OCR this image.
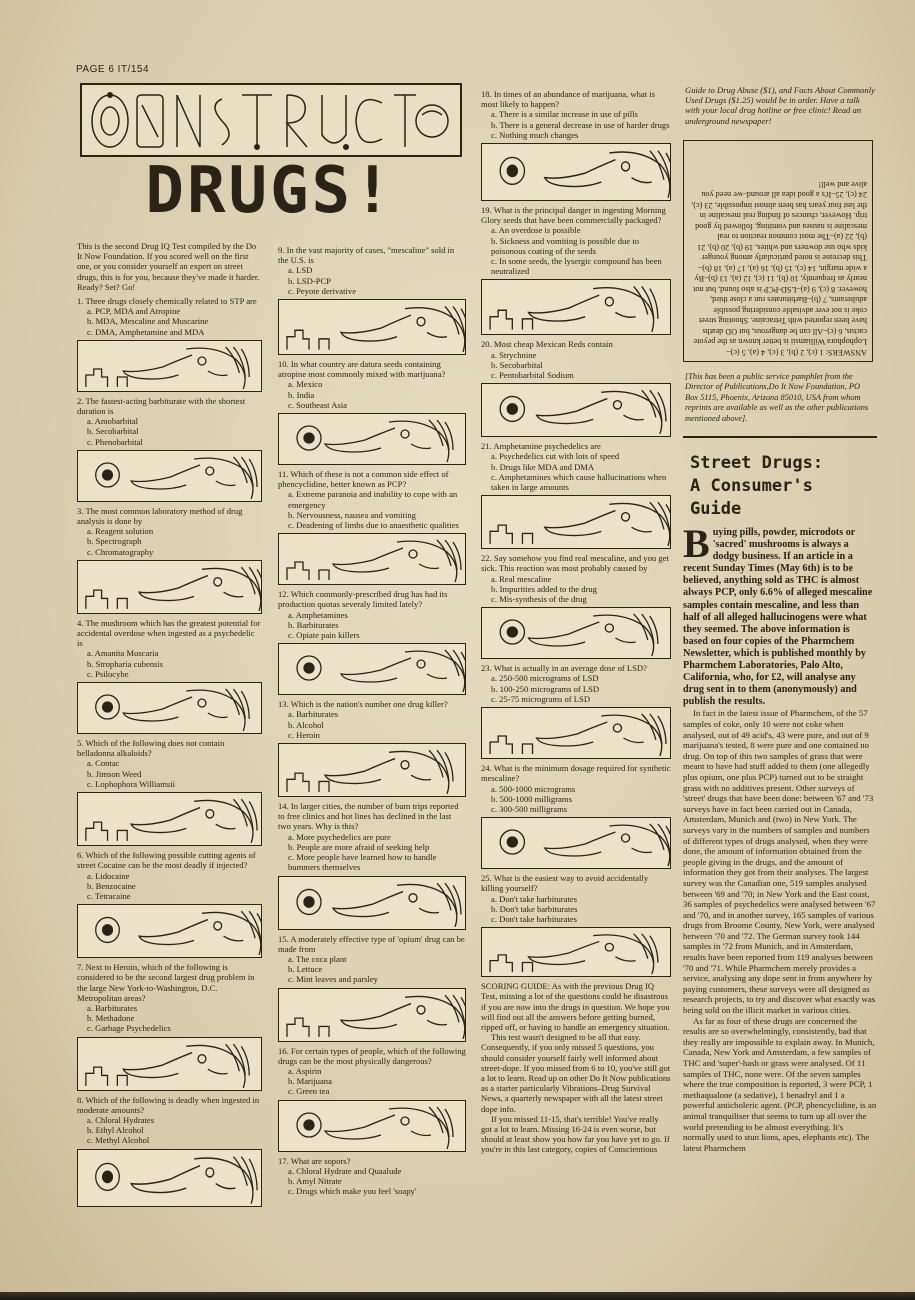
PAGE 6 IT/154
DRUGS!

This is the second Drug IQ Test compiled by the Do It Now Foundation. If you scored well on the first one, or you consider yourself an expert on street drugs, this is for you, because they've made it harder. Ready? Set? Go!

1. Three drugs closely chemically related to STP are

a. PCP, MDA and Atropine

b. MDA, Mescaline and Muscarine

c. DMA, Amphetamine and MDA

2. The fastest-acting barbiturate with the shortest duration is

a. Amobarbital

b. Secobarbital

c. Phenobarbital

3. The most common laboratory method of drug analysis is done by

a. Reagent solution

b. Spectrograph

c. Chromatography

4. The mushroom which has the greatest potential for accidental overdose when ingested as a psychedelic is

a. Amanita Muscaria

b. Stropharia cubensis

c. Psilocybe

5. Which of the following does not contain belladonna alkaloids?

a. Contac

b. Jimson Weed

c. Lophophora Williamsii

6. Which of the following possible cutting agents of street Cocaine can be the most deadly if injected?

a. Lidocaine

b. Benzocaine

c. Tetracaine

7. Next to Heroin, which of the following is considered to be the second largest drug problem in the large New York-to-Washington, D.C. Metropolitan areas?

a. Barbiturates

b. Methadone

c. Garbage Psychedelics

8. Which of the following is deadly when ingested in moderate amounts?

a. Chloral Hydrates

b. Ethyl Alcohol

c. Methyl Alcohol

9. In the vast majority of cases, "mescaline" sold in the U.S. is

a. LSD

b. LSD-PCP

c. Peyote derivative

10. In what country are datura seeds containing atropine most commonly mixed with marijuana?

a. Mexico

b. India

c. Southeast Asia

11. Which of these is not a common side effect of phencyclidine, better known as PCP?

a. Extreme paranoia and inability to cope with an emergency

b. Nervousness, nausea and vomiting

c. Deadening of limbs due to anaesthetic qualities

12. Which commonly-prescribed drug has had its production quotas severaly limited lately?

a. Amphetamines

b. Barbiturates

c. Opiate pain killers

13. Which is the nation's number one drug killer?

a. Barbiturates

b. Alcohol

c. Heroin

14. In larger cities, the number of bum trips reported to free clinics and hot lines has declined in the last two years. Why is this?

a. More psychedelics are pure

b. People are more afraid of seeking help

c. More people have learned how to handle bummers themselves

15. A moderately effective type of 'opium' drug can be made from

a. The coca plant

b. Lettuce

c. Mint leaves and parsley

16. For certain types of people, which of the following drugs can be the most physically dangerous?

a. Aspirin

b. Marijuana

c. Green tea

17. What are sopors?

a. Chloral Hydrate and Quaalude

b. Amyl Nitrate

c. Drugs which make you feel 'soapy'

18. In times of an abundance of marijuana, what is most likely to happen?

a. There is a similar increase in use of pills

b. There is a general decrease in use of harder drugs

c. Nothing much changes

19. What is the principal danger in ingesting Morning Glory seeds that have been commercially packaged?

a. An overdose is possible

b. Sickness and vomiting is possible due to poisonous coating of the seeds

c. In some seeds, the lysergic compound has been neutralized

20. Most cheap Mexican Reds contain

a. Strychnine

b. Secobarbital

c. Pentobarbital Sodium

21. Amphetamine psychedelics are

a. Psychedelics cut with lots of speed

b. Drugs like MDA and DMA

c. Amphetamines which cause hallucinations when taken in large amounts

22. Say somehow you find real mescaline, and you get sick. This reaction was most probably caused by

a. Real mescaline

b. Impurities added to the drug

c. Mis-synthesis of the drug

23. What is actually in an average dose of LSD?

a. 250-500 micrograms of LSD

b. 100-250 micrograms of LSD

c. 25-75 micrograms of LSD

24. What is the minimum dosage required for synthetic mescaline?

a. 500-1000 micrograms

b. 500-1000 milligrams

c. 300-500 milligrams

25. What is the easiest way to avoid accidentally killing yourself?

a. Don't take barbiturates

b. Don't take barbiturates

c. Don't take barbiturates

SCORING GUIDE: As with the previous Drug IQ Test, missing a lot of the questions could be disastrous if you are now into the drugs in question. We hope you will find out all the answers before getting burned, ripped off, or having to handle an emergency situation.

This test wasn't designed to be all that easy. Consequently, if you only missed 5 questions, you should consider yourself fairly well informed about street-dope. If you missed from 6 to 10, you've still got a lot to learn. Read up on other Do It Now publications as a starter particularly Vibrations–Drug Survival News, a quarterly newspaper with all the latest street dope info.

If you missed 11-15, that's terrible! You've really got a lot to learn. Missing 16-24 is even worse, but should at least show you how far you have yet to go. If you're in this last category, copies of Conscientious

Guide to Drug Abuse ($1), and Facts About Commonly Used Drugs ($1.25) would be in order. Have a talk with your local drug hotline or free clinic! Read an underground newspaper!

ANSWERS: 1 (c), 2 (b), 3 (c), 4 (a), 5 (c)–Lophophora Williamsii is better known as the peyote cactus, 6 (c)–All can be dangerous, but OD deaths have been reported with Tetracaine. Shooting street coke is not ever advisable considering possible adulterants, 7 (b)–Barbiturates run a close third, however. 8 (c), 9 (a)–LSD-PCP is also found, but not nearly as frequently, 10 (b), 11 (c), 12 (a), 13 (b)–By a wide margin, 14 (c), 15 (b), 16 (a), 17 (a), 18 (b)–This decrease is noted particularly among younger kids who use downers and whites, 19 (b), 20 (b), 21 (b), 22 (a)–The most common reaction to real mescaline is nausea and vomiting, followed by good trip. However, chances of finding real mescaline in the last four years has been almost impossible, 23 (c), 24 (c), 25–It's a good idea all around–we need you alive and well!
[This has been a public service pamphlet from the Director of Publications,Do It Now Foundation, PO Box 5115, Phoenix, Arizona 85010, USA from whom reprints are available as well as the other publications mentioned above].
Street Drugs:
A Consumer's
Guide

Buying pills, powder, microdots or 'sacred' mushrooms is always a dodgy business. If an article in a recent Sunday Times (May 6th) is to be believed, anything sold as THC is almost always PCP, only 6.6% of alleged mescaline samples contain mescaline, and less than half of all alleged hallucinogens were what they seemed. The above information is based on four copies of the Pharmchem Newsletter, which is published monthly by Pharmchem Laboratories, Palo Alto, California, who, for £2, will analyse any drug sent in to them (anonymously) and publish the results.

In fact in the latest issue of Pharmchem, of the 57 samples of coke, only 10 were not coke when analysed, out of 49 acid's, 43 were pure, and out of 9 marijuana's tested, 8 were pure and one contained no drug. On top of this two samples of grass that were meant to have had stuff added to them (one allegedly plus opium, one plus PCP) turned out to be straight grass with no additives present. Other surveys of 'street' drugs that have been done: between '67 and '73 surveys have in fact been carried out in Canada, Amsterdam, Munich and (two) in New York. The surveys vary in the numbers of samples and numbers of different types of drugs analysed, when they were done, the amount of information obtained from the people giving in the drugs, and the amount of information they got from their analyses. The largest survey was the Canadian one, 519 samples analysed between '69 and '70; in New York and the East coast, 36 samples of psychedelics were analysed between '67 and '70, and in another survey, 165 samples of various drugs from Broome County, New York, were analysed between '70 and '72. The German survey took 144 samples in '72 from Munich, and in Amsterdam, results have been reported from 119 analyses between '70 and '71. While Pharmchem merely provides a service, analysing any dope sent in from anywhere by paying customers, these surveys were all designed as research projects, to try and discover what exactly was being sold on the illicit market in various cities.

As far as four of these drugs are concerned the results are so overwhelmingly, consistently, bad that they really are impossible to explain away. In Munich, Canada, New York and Amsterdam, a few samples of THC and 'super'-hash or grass were analysed. Of 11 samples of THC, none were. Of the seven samples where the true composition is reported, 3 were PCP, 1 methaqualone (a sedative), 1 benadryl and 1 a powerful anticholeric agent. (PCP, phencyclidine, is an animal tranquiliser that seems to turn up all over the world pretending to be almost everything. It's normally used to stun lions, apes, elephants etc). The latest Pharmchem
